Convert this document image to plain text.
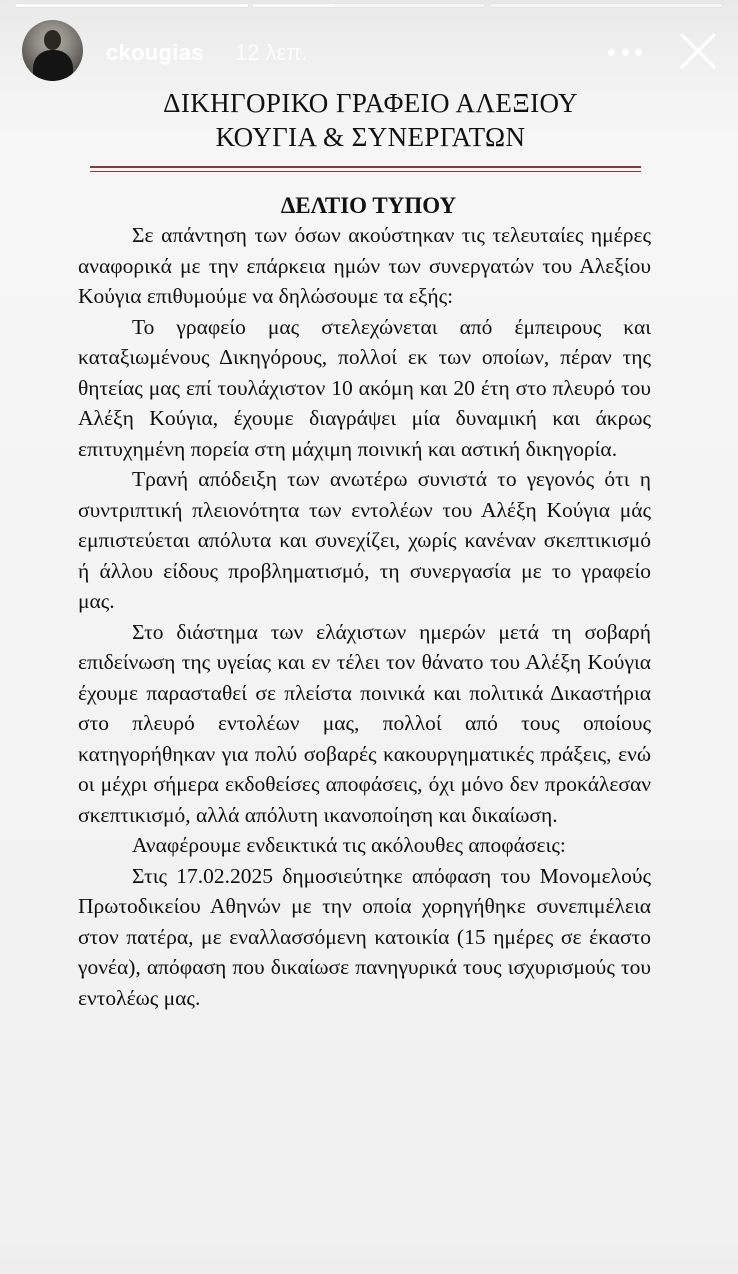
ckougias 12 λεπ.
ΔΙΚΗΓΟΡΙΚΟ ΓΡΑΦΕΙΟ ΑΛΕΞΙΟΥ
ΚΟΥΓΙΑ & ΣΥΝΕΡΓΑΤΩΝ
ΔΕΛΤΙΟ ΤΥΠΟΥ

Σε απάντηση των όσων ακούστηκαν τις τελευταίες ημέρες αναφορικά με την επάρκεια ημών των συνεργατών του Αλεξίου Κούγια επιθυμούμε να δηλώσουμε τα εξής:

Το γραφείο μας στελεχώνεται από έμπειρους και καταξιωμένους Δικηγόρους, πολλοί εκ των οποίων, πέραν της θητείας μας επί τουλάχιστον 10 ακόμη και 20 έτη στο πλευρό του Αλέξη Κούγια, έχουμε διαγράψει μία δυναμική και άκρως επιτυχημένη πορεία στη μάχιμη ποινική και αστική δικηγορία.

Τρανή απόδειξη των ανωτέρω συνιστά το γεγονός ότι η συντριπτική πλειονότητα των εντολέων του Αλέξη Κούγια μάς εμπιστεύεται απόλυτα και συνεχίζει, χωρίς κανέναν σκεπτικισμό ή άλλου είδους προβληματισμό, τη συνεργασία με το γραφείο μας.

Στο διάστημα των ελάχιστων ημερών μετά τη σοβαρή επιδείνωση της υγείας και εν τέλει τον θάνατο του Αλέξη Κούγια έχουμε παρασταθεί σε πλείστα ποινικά και πολιτικά Δικαστήρια στο πλευρό εντολέων μας, πολλοί από τους οποίους κατηγορήθηκαν για πολύ σοβαρές κακουργηματικές πράξεις, ενώ οι μέχρι σήμερα εκδοθείσες αποφάσεις, όχι μόνο δεν προκάλεσαν σκεπτικισμό, αλλά απόλυτη ικανοποίηση και δικαίωση.

Αναφέρουμε ενδεικτικά τις ακόλουθες αποφάσεις:

Στις 17.02.2025 δημοσιεύτηκε απόφαση του Μονομελούς Πρωτοδικείου Αθηνών με την οποία χορηγήθηκε συνεπιμέλεια στον πατέρα, με εναλλασσόμενη κατοικία (15 ημέρες σε έκαστο γονέα), απόφαση που δικαίωσε πανηγυρικά τους ισχυρισμούς του εντολέως μας.
